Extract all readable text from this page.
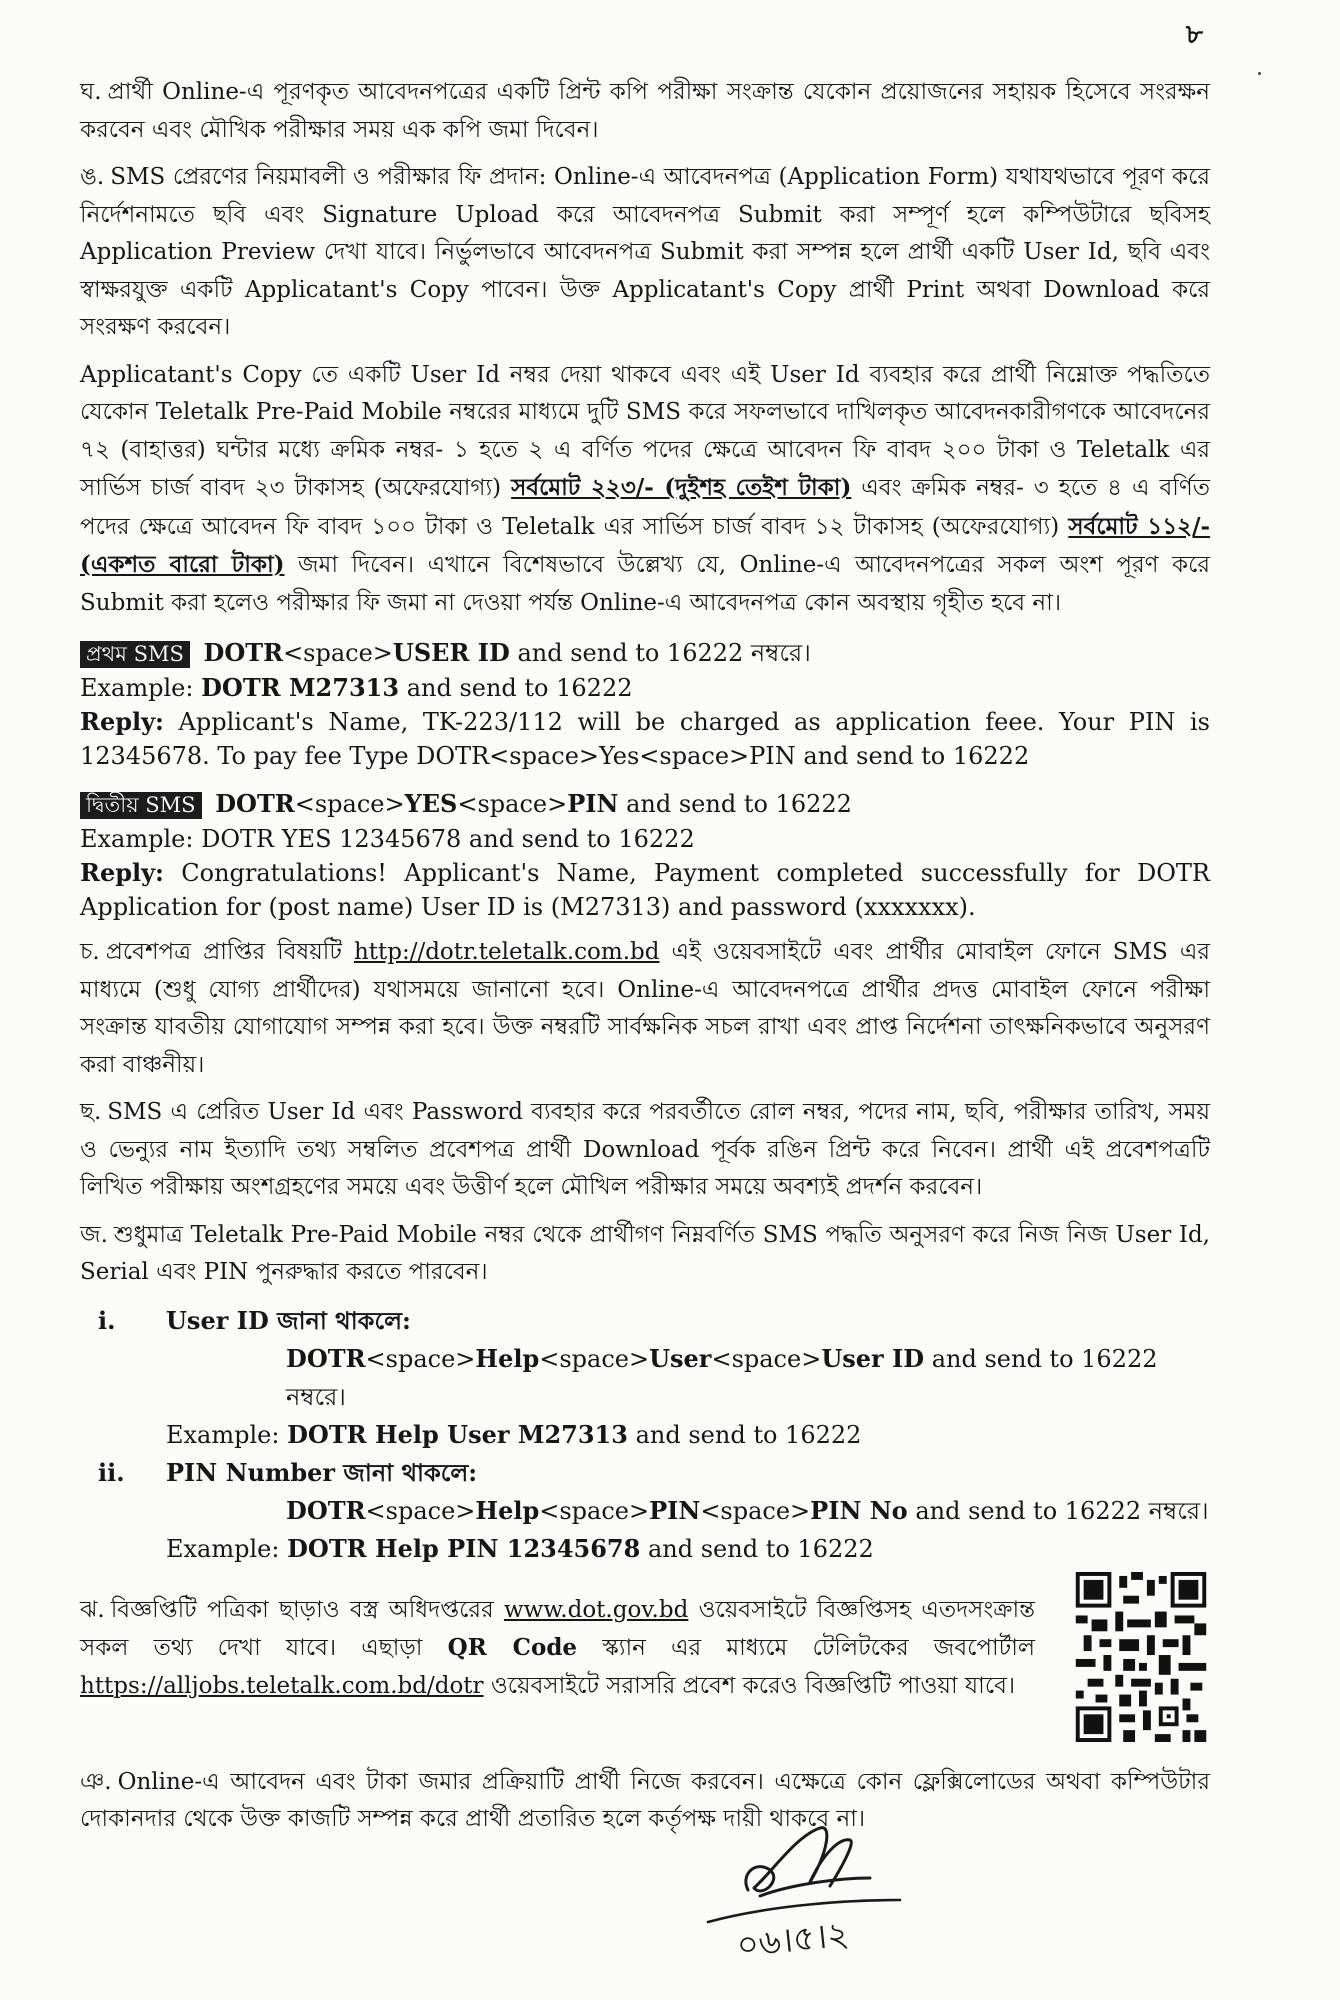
৮

ঘ. প্রার্থী Online-এ পূরণকৃত আবেদনপত্রের একটি প্রিন্ট কপি পরীক্ষা সংক্রান্ত যেকোন প্রয়োজনের সহায়ক হিসেবে সংরক্ষন করবেন এবং মৌখিক পরীক্ষার সময় এক কপি জমা দিবেন।

ঙ. SMS প্রেরণের নিয়মাবলী ও পরীক্ষার ফি প্রদান: Online-এ আবেদনপত্র (Application Form) যথাযথভাবে পূরণ করে নির্দেশনামতে ছবি এবং Signature Upload করে আবেদনপত্র Submit করা সম্পূর্ণ হলে কম্পিউটারে ছবিসহ Application Preview দেখা যাবে। নির্ভুলভাবে আবেদনপত্র Submit করা সম্পন্ন হলে প্রার্থী একটি User Id, ছবি এবং স্বাক্ষরযুক্ত একটি Applicatant's Copy পাবেন। উক্ত Applicatant's Copy প্রার্থী Print অথবা Download করে সংরক্ষণ করবেন।

Applicatant's Copy তে একটি User Id নম্বর দেয়া থাকবে এবং এই User Id ব্যবহার করে প্রার্থী নিম্নোক্ত পদ্ধতিতে যেকোন Teletalk Pre-Paid Mobile নম্বরের মাধ্যমে দুটি SMS করে সফলভাবে দাখিলকৃত আবেদনকারীগণকে আবেদনের ৭২ (বাহাত্তর) ঘন্টার মধ্যে ক্রমিক নম্বর- ১ হতে ২ এ বর্ণিত পদের ক্ষেত্রে আবেদন ফি বাবদ ২০০ টাকা ও Teletalk এর সার্ভিস চার্জ বাবদ ২৩ টাকাসহ (অফেরযোগ্য) সর্বমোট ২২৩/- (দুইশহ তেইশ টাকা) এবং ক্রমিক নম্বর- ৩ হতে ৪ এ বর্ণিত পদের ক্ষেত্রে আবেদন ফি বাবদ ১০০ টাকা ও Teletalk এর সার্ভিস চার্জ বাবদ ১২ টাকাসহ (অফেরযোগ্য) সর্বমোট ১১২/- (একশত বারো টাকা) জমা দিবেন। এখানে বিশেষভাবে উল্লেখ্য যে, Online-এ আবেদনপত্রের সকল অংশ পূরণ করে Submit করা হলেও পরীক্ষার ফি জমা না দেওয়া পর্যন্ত Online-এ আবেদনপত্র কোন অবস্থায় গৃহীত হবে না।

প্রথম SMS DOTR<space>USER ID and send to 16222 নম্বরে।
Example: DOTR M27313 and send to 16222
Reply: Applicant's Name, TK-223/112 will be charged as application feee. Your PIN is 12345678. To pay fee Type DOTR<space>Yes<space>PIN and send to 16222
দ্বিতীয় SMS DOTR<space>YES<space>PIN and send to 16222
Example: DOTR YES 12345678 and send to 16222
Reply: Congratulations! Applicant's Name, Payment completed successfully for DOTR Application for (post name) User ID is (M27313) and password (xxxxxxx).

চ. প্রবেশপত্র প্রাপ্তির বিষয়টি http://dotr.teletalk.com.bd এই ওয়েবসাইটে এবং প্রার্থীর মোবাইল ফোনে SMS এর মাধ্যমে (শুধু যোগ্য প্রার্থীদের) যথাসময়ে জানানো হবে। Online-এ আবেদনপত্রে প্রার্থীর প্রদত্ত মোবাইল ফোনে পরীক্ষা সংক্রান্ত যাবতীয় যোগাযোগ সম্পন্ন করা হবে। উক্ত নম্বরটি সার্বক্ষনিক সচল রাখা এবং প্রাপ্ত নির্দেশনা তাৎক্ষনিকভাবে অনুসরণ করা বাঞ্চনীয়।

ছ. SMS এ প্রেরিত User Id এবং Password ব্যবহার করে পরবর্তীতে রোল নম্বর, পদের নাম, ছবি, পরীক্ষার তারিখ, সময় ও ভেন্যুর নাম ইত্যাদি তথ্য সম্বলিত প্রবেশপত্র প্রার্থী Download পূর্বক রঙিন প্রিন্ট করে নিবেন। প্রার্থী এই প্রবেশপত্রটি লিখিত পরীক্ষায় অংশগ্রহণের সময়ে এবং উত্তীর্ণ হলে মৌখিল পরীক্ষার সময়ে অবশ্যই প্রদর্শন করবেন।

জ. শুধুমাত্র Teletalk Pre-Paid Mobile নম্বর থেকে প্রার্থীগণ নিম্নবর্ণিত SMS পদ্ধতি অনুসরণ করে নিজ নিজ User Id, Serial এবং PIN পুনরুদ্ধার করতে পারবেন।

i.	User ID জানা থাকলে:
DOTR<space>Help<space>User<space>User ID and send to 16222 নম্বরে।
Example: DOTR Help User M27313 and send to 16222
ii.	PIN Number জানা থাকলে:
DOTR<space>Help<space>PIN<space>PIN No and send to 16222 নম্বরে।
Example: DOTR Help PIN 12345678 and send to 16222

ঝ. বিজ্ঞপ্তিটি পত্রিকা ছাড়াও বস্ত্র অধিদপ্তরের www.dot.gov.bd ওয়েবসাইটে বিজ্ঞপ্তিসহ এতদসংক্রান্ত সকল তথ্য দেখা যাবে। এছাড়া QR Code স্ক্যান এর মাধ্যমে টেলিটকের জবপোর্টাল https://alljobs.teletalk.com.bd/dotr ওয়েবসাইটে সরাসরি প্রবেশ করেও বিজ্ঞপ্তিটি পাওয়া যাবে।

ঞ. Online-এ আবেদন এবং টাকা জমার প্রক্রিয়াটি প্রার্থী নিজে করবেন। এক্ষেত্রে কোন ফ্লেক্সিলোডের অথবা কম্পিউটার দোকানদার থেকে উক্ত কাজটি সম্পন্ন করে প্রার্থী প্রতারিত হলে কর্তৃপক্ষ দায়ী থাকবে না।

০৬।৫।২
